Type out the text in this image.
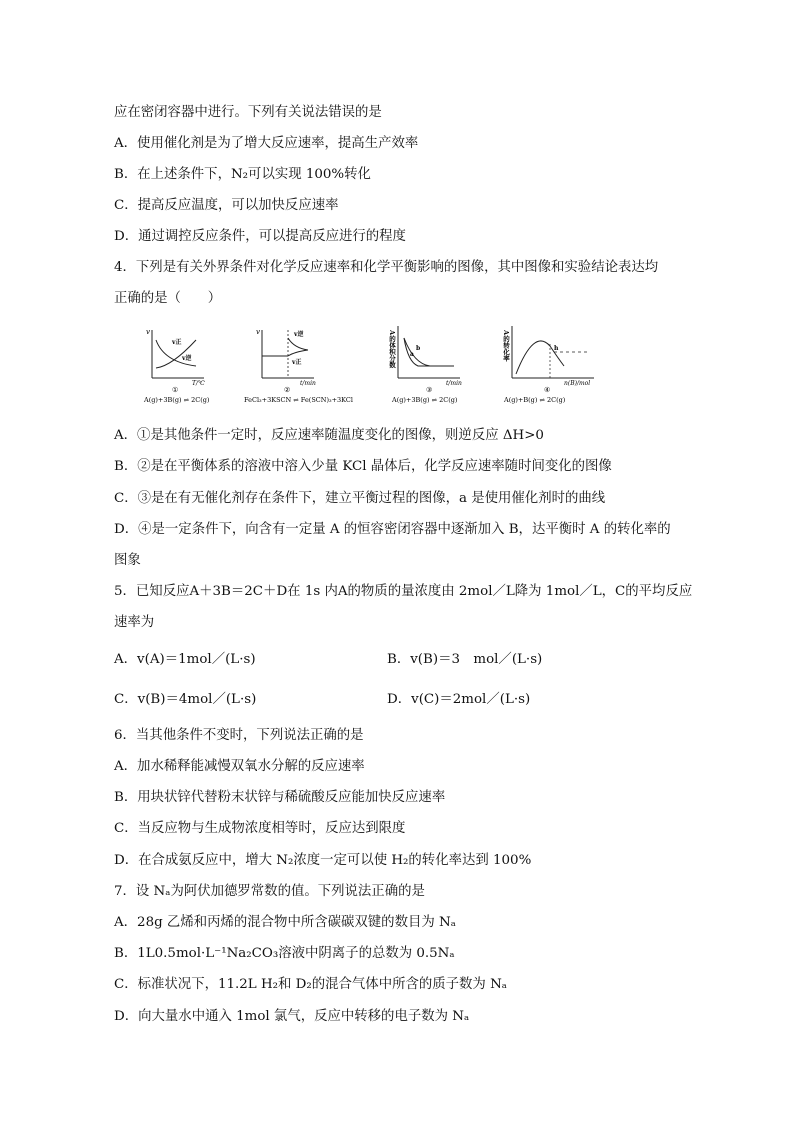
应在密闭容器中进行。下列有关说法错误的是
A．使用催化剂是为了增大反应速率，提高生产效率
B．在上述条件下，N₂可以实现 100%转化
C．提高反应温度，可以加快反应速率
D．通过调控反应条件，可以提高反应进行的程度
4．下列是有关外界条件对化学反应速率和化学平衡影响的图像，其中图像和实验结论表达均
正确的是（　　）
v
v正
v逆
T/℃
①
A(g)+3B(g) ⇌ 2C(g)
v	v逆
v正
t/min
②
FeCl₃+3KSCN ⇌ Fe(SCN)₃+3KCl
A的体积分数 a
b
t/min
③
A(g)+3B(g) ⇌ 2C(g)
A的转化率	h
n(B)/mol
④
A(g)+B(g) ⇌ 2C(g)
A．①是其他条件一定时，反应速率随温度变化的图像，则逆反应 ΔH>0
B．②是在平衡体系的溶液中溶入少量 KCl 晶体后，化学反应速率随时间变化的图像
C．③是在有无催化剂存在条件下，建立平衡过程的图像，a 是使用催化剂时的曲线
D．④是一定条件下，向含有一定量 A 的恒容密闭容器中逐渐加入 B，达平衡时 A 的转化率的
图象
5．已知反应A＋3B＝2C＋D在 1s 内A的物质的量浓度由 2mol／L降为 1mol／L，C的平均反应
速率为
A．v(A)＝1mol／(L·s)	B．v(B)＝3　mol／(L·s)
C．v(B)＝4mol／(L·s)	D．v(C)＝2mol／(L·s)
6．当其他条件不变时，下列说法正确的是
A．加水稀释能减慢双氧水分解的反应速率
B．用块状锌代替粉末状锌与稀硫酸反应能加快反应速率
C．当反应物与生成物浓度相等时，反应达到限度
D．在合成氨反应中，增大 N₂浓度一定可以使 H₂的转化率达到 100%
7．设 Nₐ为阿伏加德罗常数的值。下列说法正确的是
A．28g 乙烯和丙烯的混合物中所含碳碳双键的数目为 Nₐ
B．1L0.5mol·L⁻¹Na₂CO₃溶液中阴离子的总数为 0.5Nₐ
C．标准状况下，11.2L H₂和 D₂的混合气体中所含的质子数为 Nₐ
D．向大量水中通入 1mol 氯气，反应中转移的电子数为 Nₐ
